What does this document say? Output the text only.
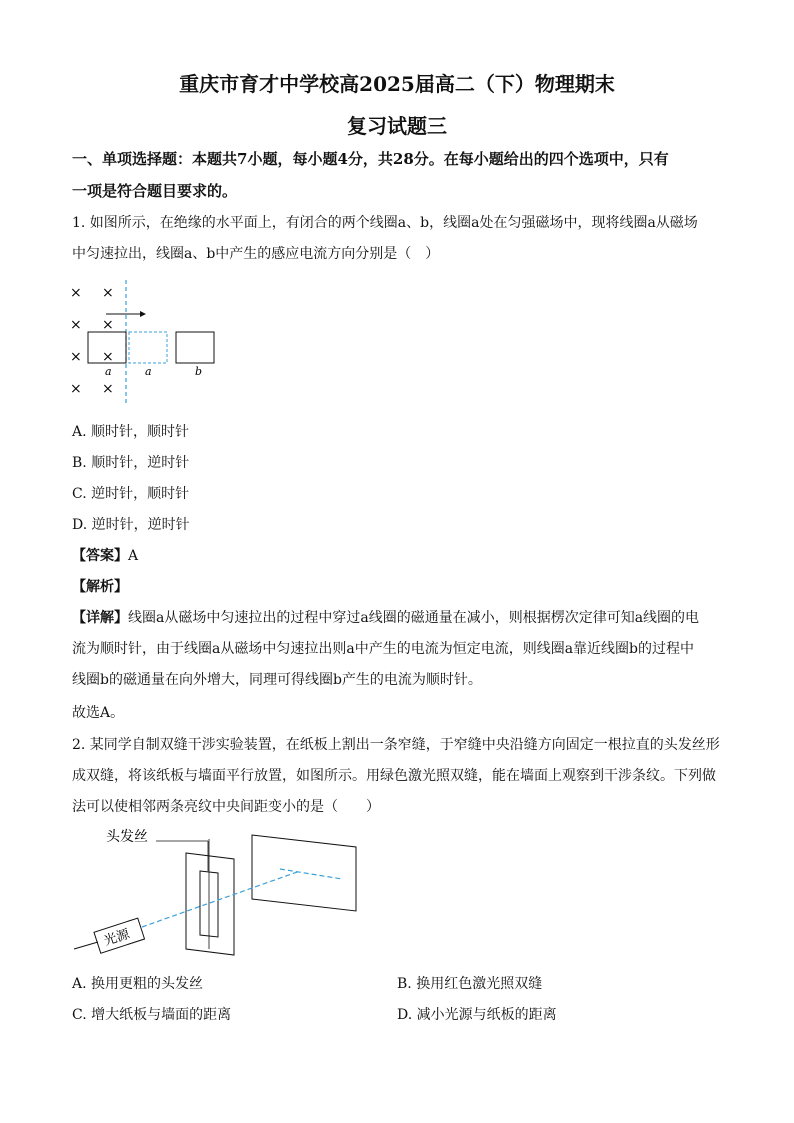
重庆市育才中学校高2025届高二（下）物理期末
复习试题三
一、单项选择题：本题共7小题，每小题4分，共28分。在每小题给出的四个选项中，只有
一项是符合题目要求的。
1. 如图所示，在绝缘的水平面上，有闭合的两个线圈a、b，线圈a处在匀强磁场中，现将线圈a从磁场
中匀速拉出，线圈a、b中产生的感应电流方向分别是（　）
× ×
× ×
× ×
× ×
a	a	b
A. 顺时针，顺时针
B. 顺时针，逆时针
C. 逆时针，顺时针
D. 逆时针，逆时针
【答案】A
【解析】
【详解】线圈a从磁场中匀速拉出的过程中穿过a线圈的磁通量在减小，则根据楞次定律可知a线圈的电
流为顺时针，由于线圈a从磁场中匀速拉出则a中产生的电流为恒定电流，则线圈a靠近线圈b的过程中
线圈b的磁通量在向外增大，同理可得线圈b产生的电流为顺时针。
故选A。
2. 某同学自制双缝干涉实验装置，在纸板上割出一条窄缝，于窄缝中央沿缝方向固定一根拉直的头发丝形
成双缝，将该纸板与墙面平行放置，如图所示。用绿色激光照双缝，能在墙面上观察到干涉条纹。下列做
法可以使相邻两条亮纹中央间距变小的是（　　）
头发丝
光源
A. 换用更粗的头发丝	B. 换用红色激光照双缝
C. 增大纸板与墙面的距离	D. 减小光源与纸板的距离
